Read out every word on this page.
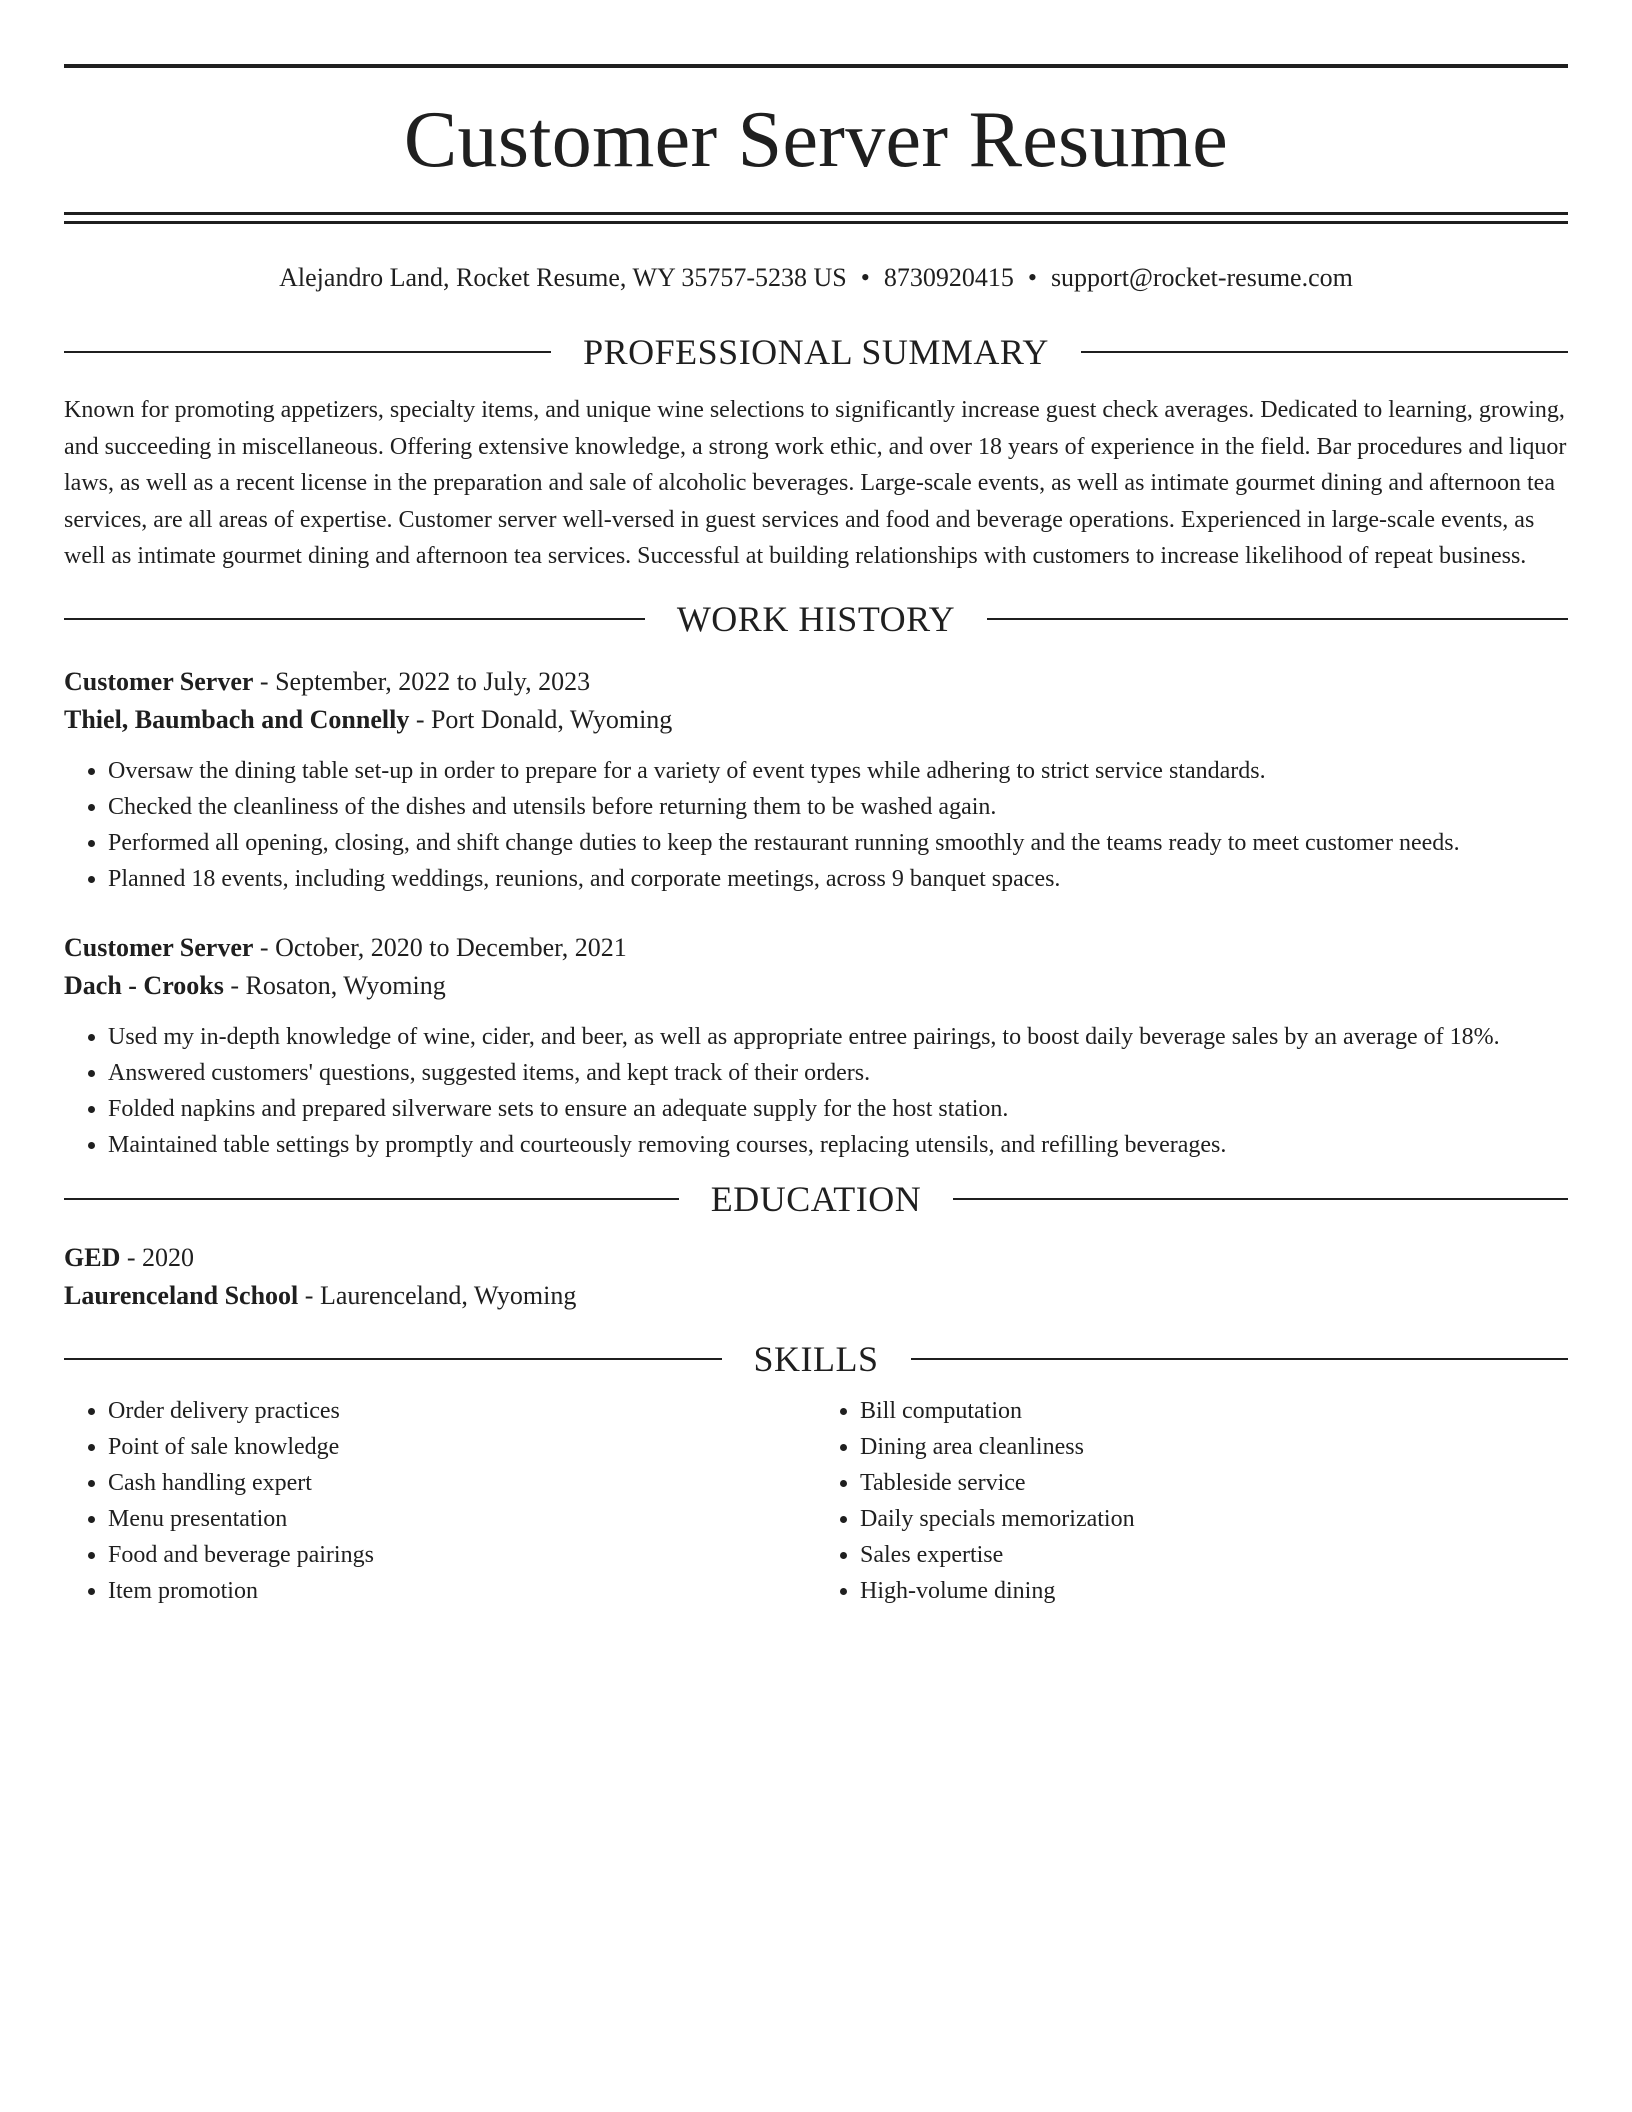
Customer Server Resume
Alejandro Land, Rocket Resume, WY 35757-5238 US • 8730920415 • support@rocket-resume.com
PROFESSIONAL SUMMARY

Known for promoting appetizers, specialty items, and unique wine selections to significantly increase guest check averages. Dedicated to learning, growing, and succeeding in miscellaneous. Offering extensive knowledge, a strong work ethic, and over 18 years of experience in the field. Bar procedures and liquor laws, as well as a recent license in the preparation and sale of alcoholic beverages. Large-scale events, as well as intimate gourmet dining and afternoon tea services, are all areas of expertise. Customer server well-versed in guest services and food and beverage operations. Experienced in large-scale events, as well as intimate gourmet dining and afternoon tea services. Successful at building relationships with customers to increase likelihood of repeat business.

WORK HISTORY
Customer Server - September, 2022 to July, 2023
Thiel, Baumbach and Connelly - Port Donald, Wyoming
• Oversaw the dining table set-up in order to prepare for a variety of event types while adhering to strict service standards.
• Checked the cleanliness of the dishes and utensils before returning them to be washed again.
• Performed all opening, closing, and shift change duties to keep the restaurant running smoothly and the teams ready to meet customer needs.
• Planned 18 events, including weddings, reunions, and corporate meetings, across 9 banquet spaces.
Customer Server - October, 2020 to December, 2021
Dach - Crooks - Rosaton, Wyoming
• Used my in-depth knowledge of wine, cider, and beer, as well as appropriate entree pairings, to boost daily beverage sales by an average of 18%.
• Answered customers' questions, suggested items, and kept track of their orders.
• Folded napkins and prepared silverware sets to ensure an adequate supply for the host station.
• Maintained table settings by promptly and courteously removing courses, replacing utensils, and refilling beverages.
EDUCATION
GED - 2020
Laurenceland School - Laurenceland, Wyoming
SKILLS
• Order delivery practices
• Point of sale knowledge
• Cash handling expert
• Menu presentation
• Food and beverage pairings
• Item promotion
• Bill computation
• Dining area cleanliness
• Tableside service
• Daily specials memorization
• Sales expertise
• High-volume dining
